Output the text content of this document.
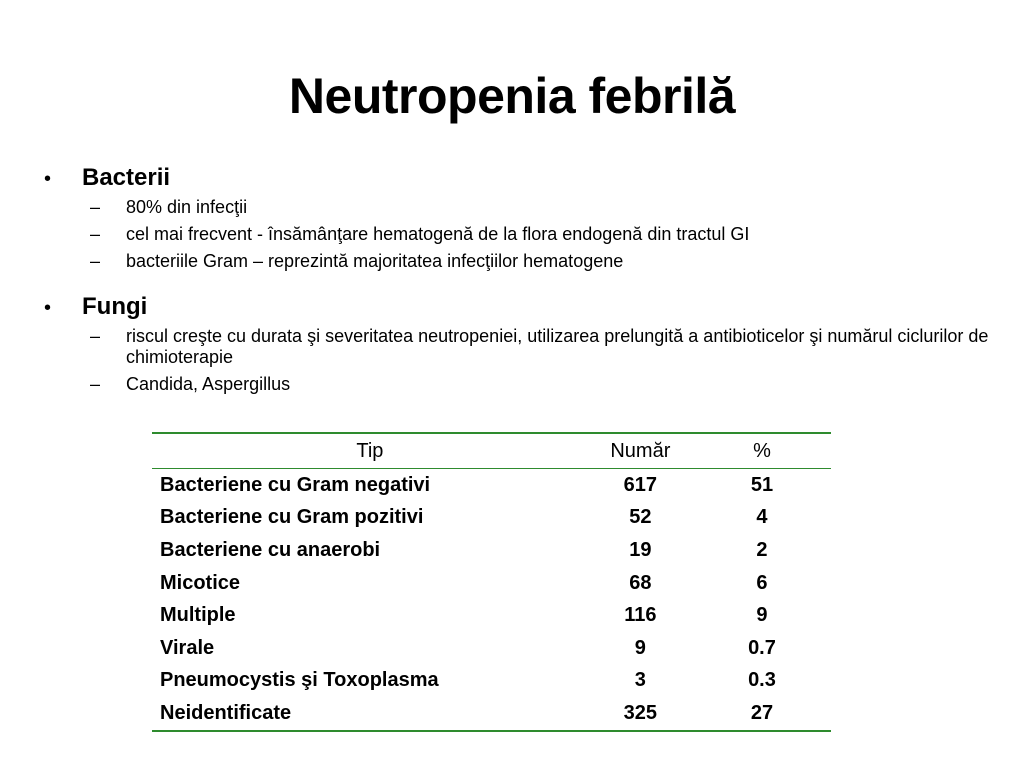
Neutropenia febrilă
• Bacterii
– 80% din infecţii
– cel mai frecvent - însămânţare hematogenă de la flora endogenă din tractul GI
– bacteriile Gram – reprezintă majoritatea infecţiilor hematogene
• Fungi
– riscul creşte cu durata şi severitatea neutropeniei, utilizarea prelungită a antibioticelor şi numărul ciclurilor de chimioterapie
– Candida, Aspergillus
Tip	Număr	%
Bacteriene cu Gram negativi	617	51
Bacteriene cu Gram pozitivi	52	4
Bacteriene cu anaerobi	19	2
Micotice	68	6
Multiple	116	9
Virale	9	0.7
Pneumocystis şi Toxoplasma	3	0.3
Neidentificate	325	27
